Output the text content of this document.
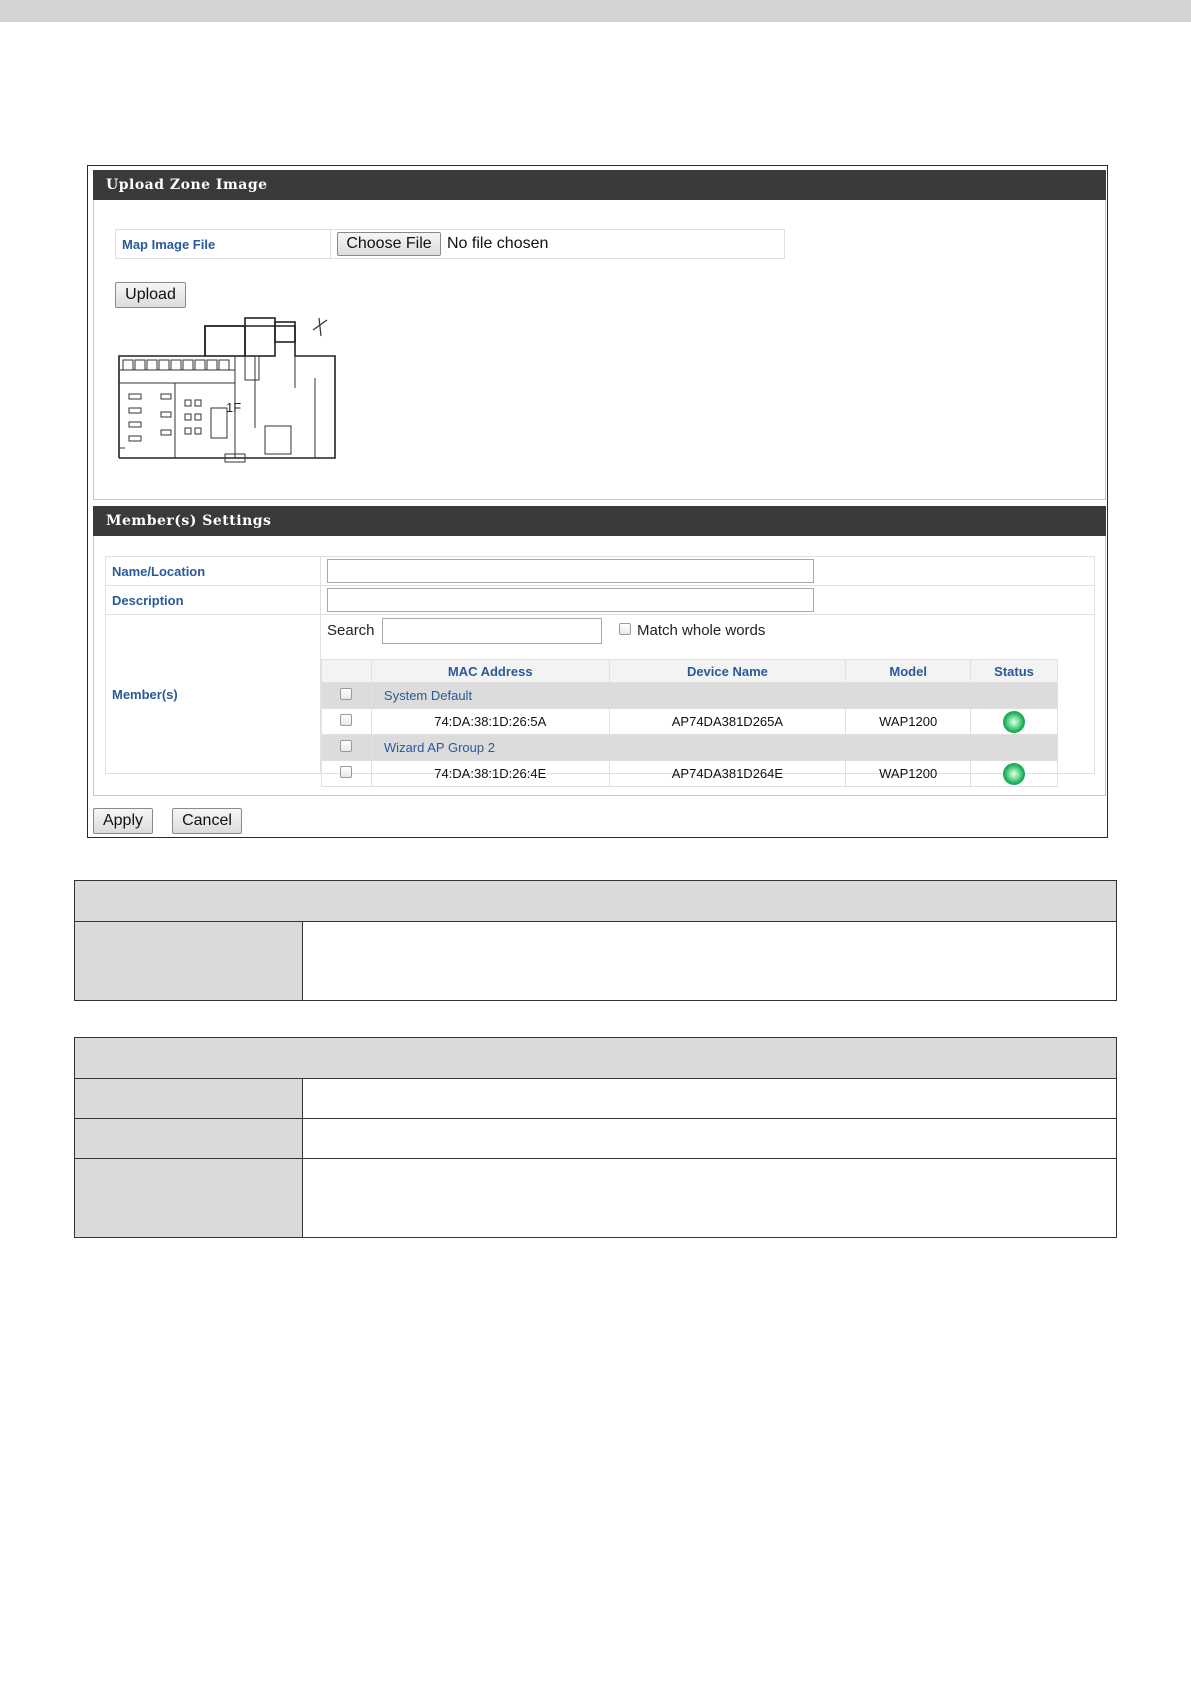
Upload Zone Image
Map Image File	Choose File No file chosen
Upload
1F
Member(s) Settings
Name/Location
Description
Member(s)
Search	Match whole words
	MAC Address	Device Name	Model	Status
	System Default			
	74:DA:38:1D:26:5A	AP74DA381D265A	WAP1200	
	Wizard AP Group 2			
	74:DA:38:1D:26:4E	AP74DA381D264E	WAP1200	
Apply	Cancel
